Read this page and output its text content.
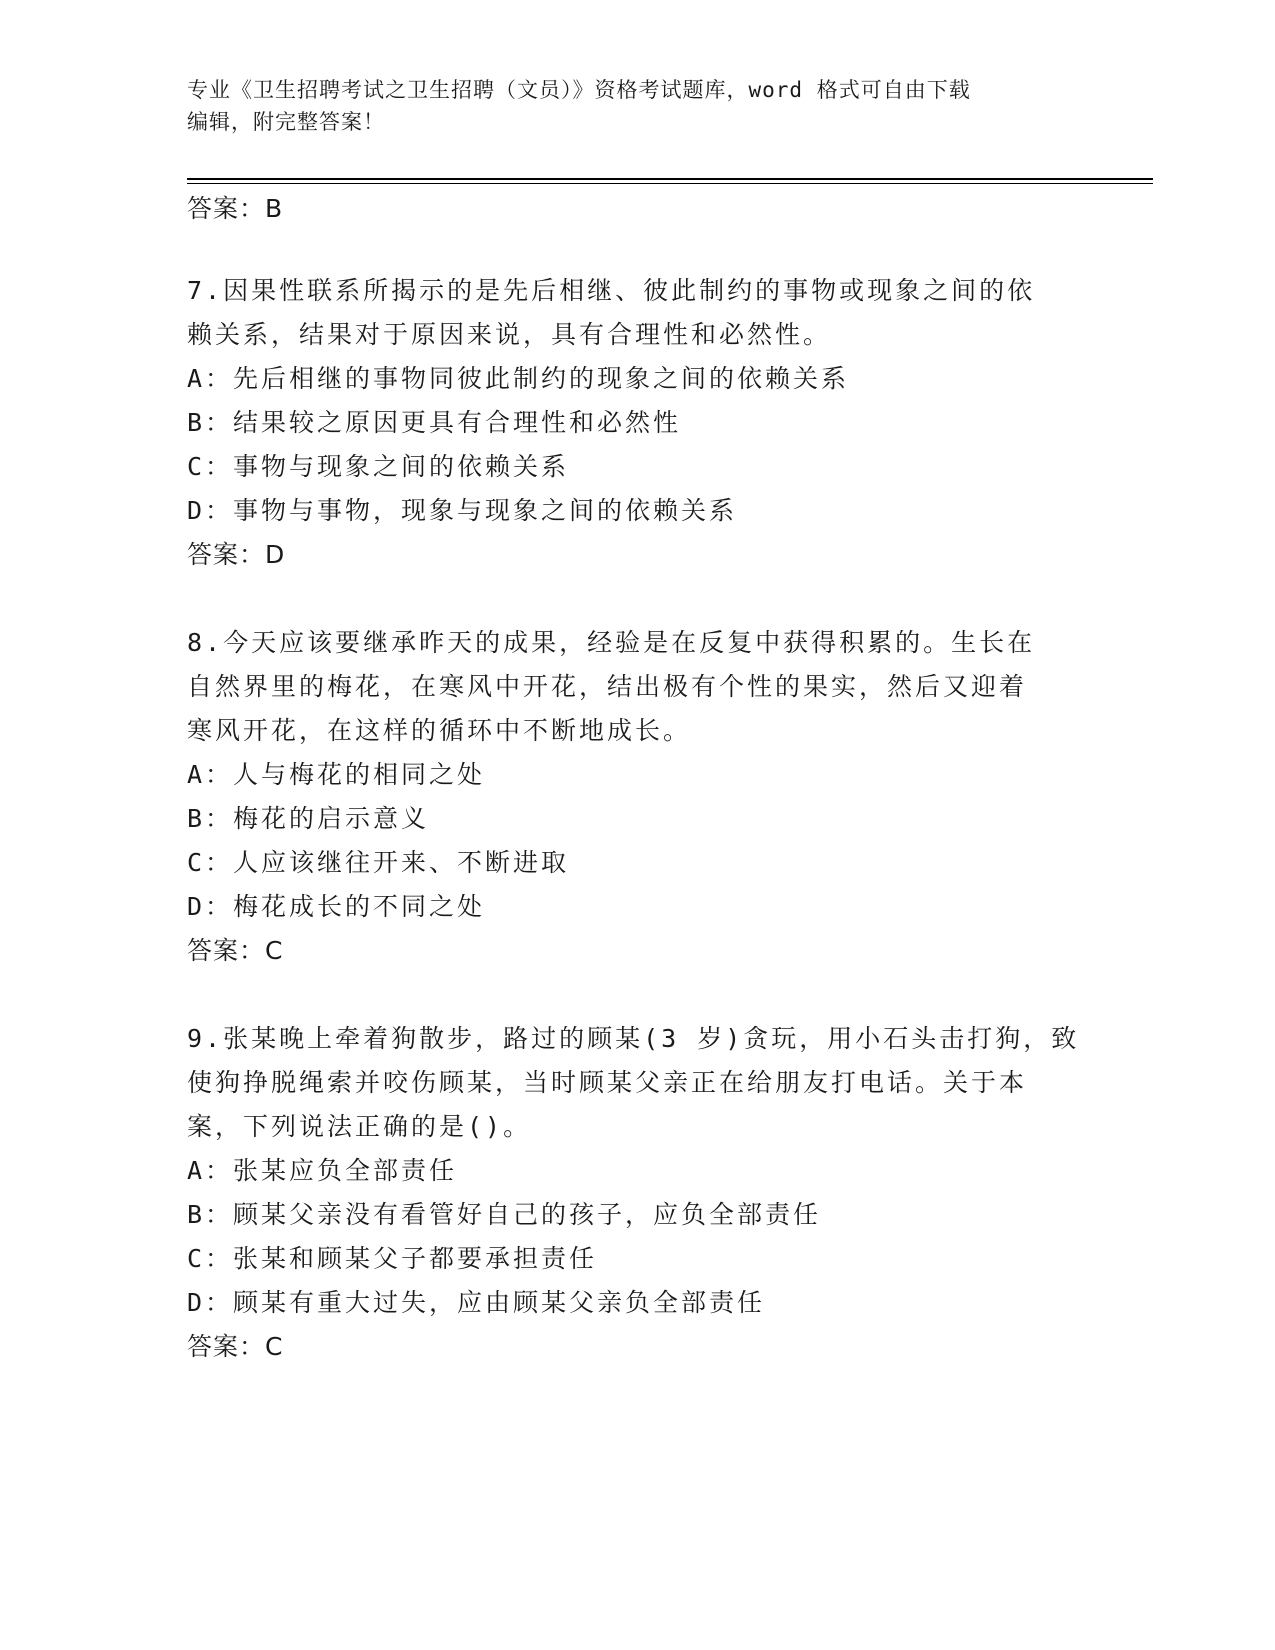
专业《卫生招聘考试之卫生招聘（文员）》资格考试题库，word 格式可自由下载
编辑，附完整答案！
答案：B
7.因果性联系所揭示的是先后相继、彼此制约的事物或现象之间的依
赖关系，结果对于原因来说，具有合理性和必然性。
A：先后相继的事物同彼此制约的现象之间的依赖关系
B：结果较之原因更具有合理性和必然性
C：事物与现象之间的依赖关系
D：事物与事物，现象与现象之间的依赖关系
答案：D
8.今天应该要继承昨天的成果，经验是在反复中获得积累的。生长在
自然界里的梅花，在寒风中开花，结出极有个性的果实，然后又迎着
寒风开花，在这样的循环中不断地成长。
A：人与梅花的相同之处
B：梅花的启示意义
C：人应该继往开来、不断进取
D：梅花成长的不同之处
答案：C
9.张某晚上牵着狗散步，路过的顾某(3 岁)贪玩，用小石头击打狗，致
使狗挣脱绳索并咬伤顾某，当时顾某父亲正在给朋友打电话。关于本
案，下列说法正确的是()。
A：张某应负全部责任
B：顾某父亲没有看管好自己的孩子，应负全部责任
C：张某和顾某父子都要承担责任
D：顾某有重大过失，应由顾某父亲负全部责任
答案：C
